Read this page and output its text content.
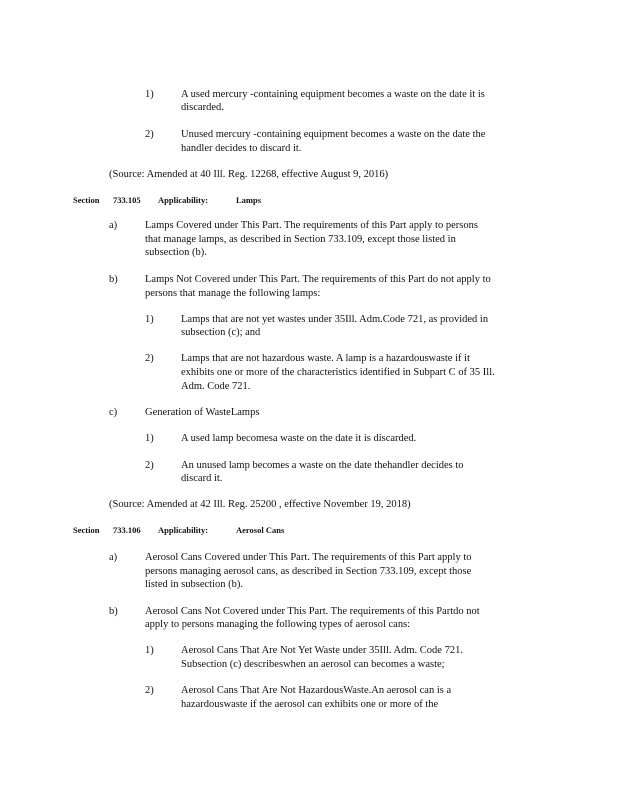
1)	A used mercury -containing equipment becomes a waste on the date it is
discarded.
2)	Unused mercury -containing equipment becomes a waste on the date the
handler decides to discard it.
(Source: Amended at 40 Ill. Reg. 12268, effective August 9, 2016)
Section 733.105 Applicability:	Lamps
a)	Lamps Covered under This Part. The requirements of this Part apply to persons
that manage lamps, as described in Section 733.109, except those listed in
subsection (b).
b)	Lamps Not Covered under This Part. The requirements of this Part do not apply to
persons that manage the following lamps:
1)	Lamps that are not yet wastes under 35Ill. Adm.Code 721, as provided in
subsection (c); and
2)	Lamps that are not hazardous waste. A lamp is a hazardouswaste if it
exhibits one or more of the characteristics identified in Subpart C of 35 Ill.
Adm. Code 721.
c)	Generation of WasteLamps
1)	A used lamp becomesa waste on the date it is discarded.
2)	An unused lamp becomes a waste on the date thehandler decides to
discard it.
(Source: Amended at 42 Ill. Reg. 25200 , effective November 19, 2018)
Section 733.106 Applicability:	Aerosol Cans
a)	Aerosol Cans Covered under This Part. The requirements of this Part apply to
persons managing aerosol cans, as described in Section 733.109, except those
listed in subsection (b).
b)	Aerosol Cans Not Covered under This Part. The requirements of this Partdo not
apply to persons managing the following types of aerosol cans:
1)	Aerosol Cans That Are Not Yet Waste under 35Ill. Adm. Code 721.
Subsection (c) describeswhen an aerosol can becomes a waste;
2)	Aerosol Cans That Are Not HazardousWaste.An aerosol can is a
hazardouswaste if the aerosol can exhibits one or more of the
